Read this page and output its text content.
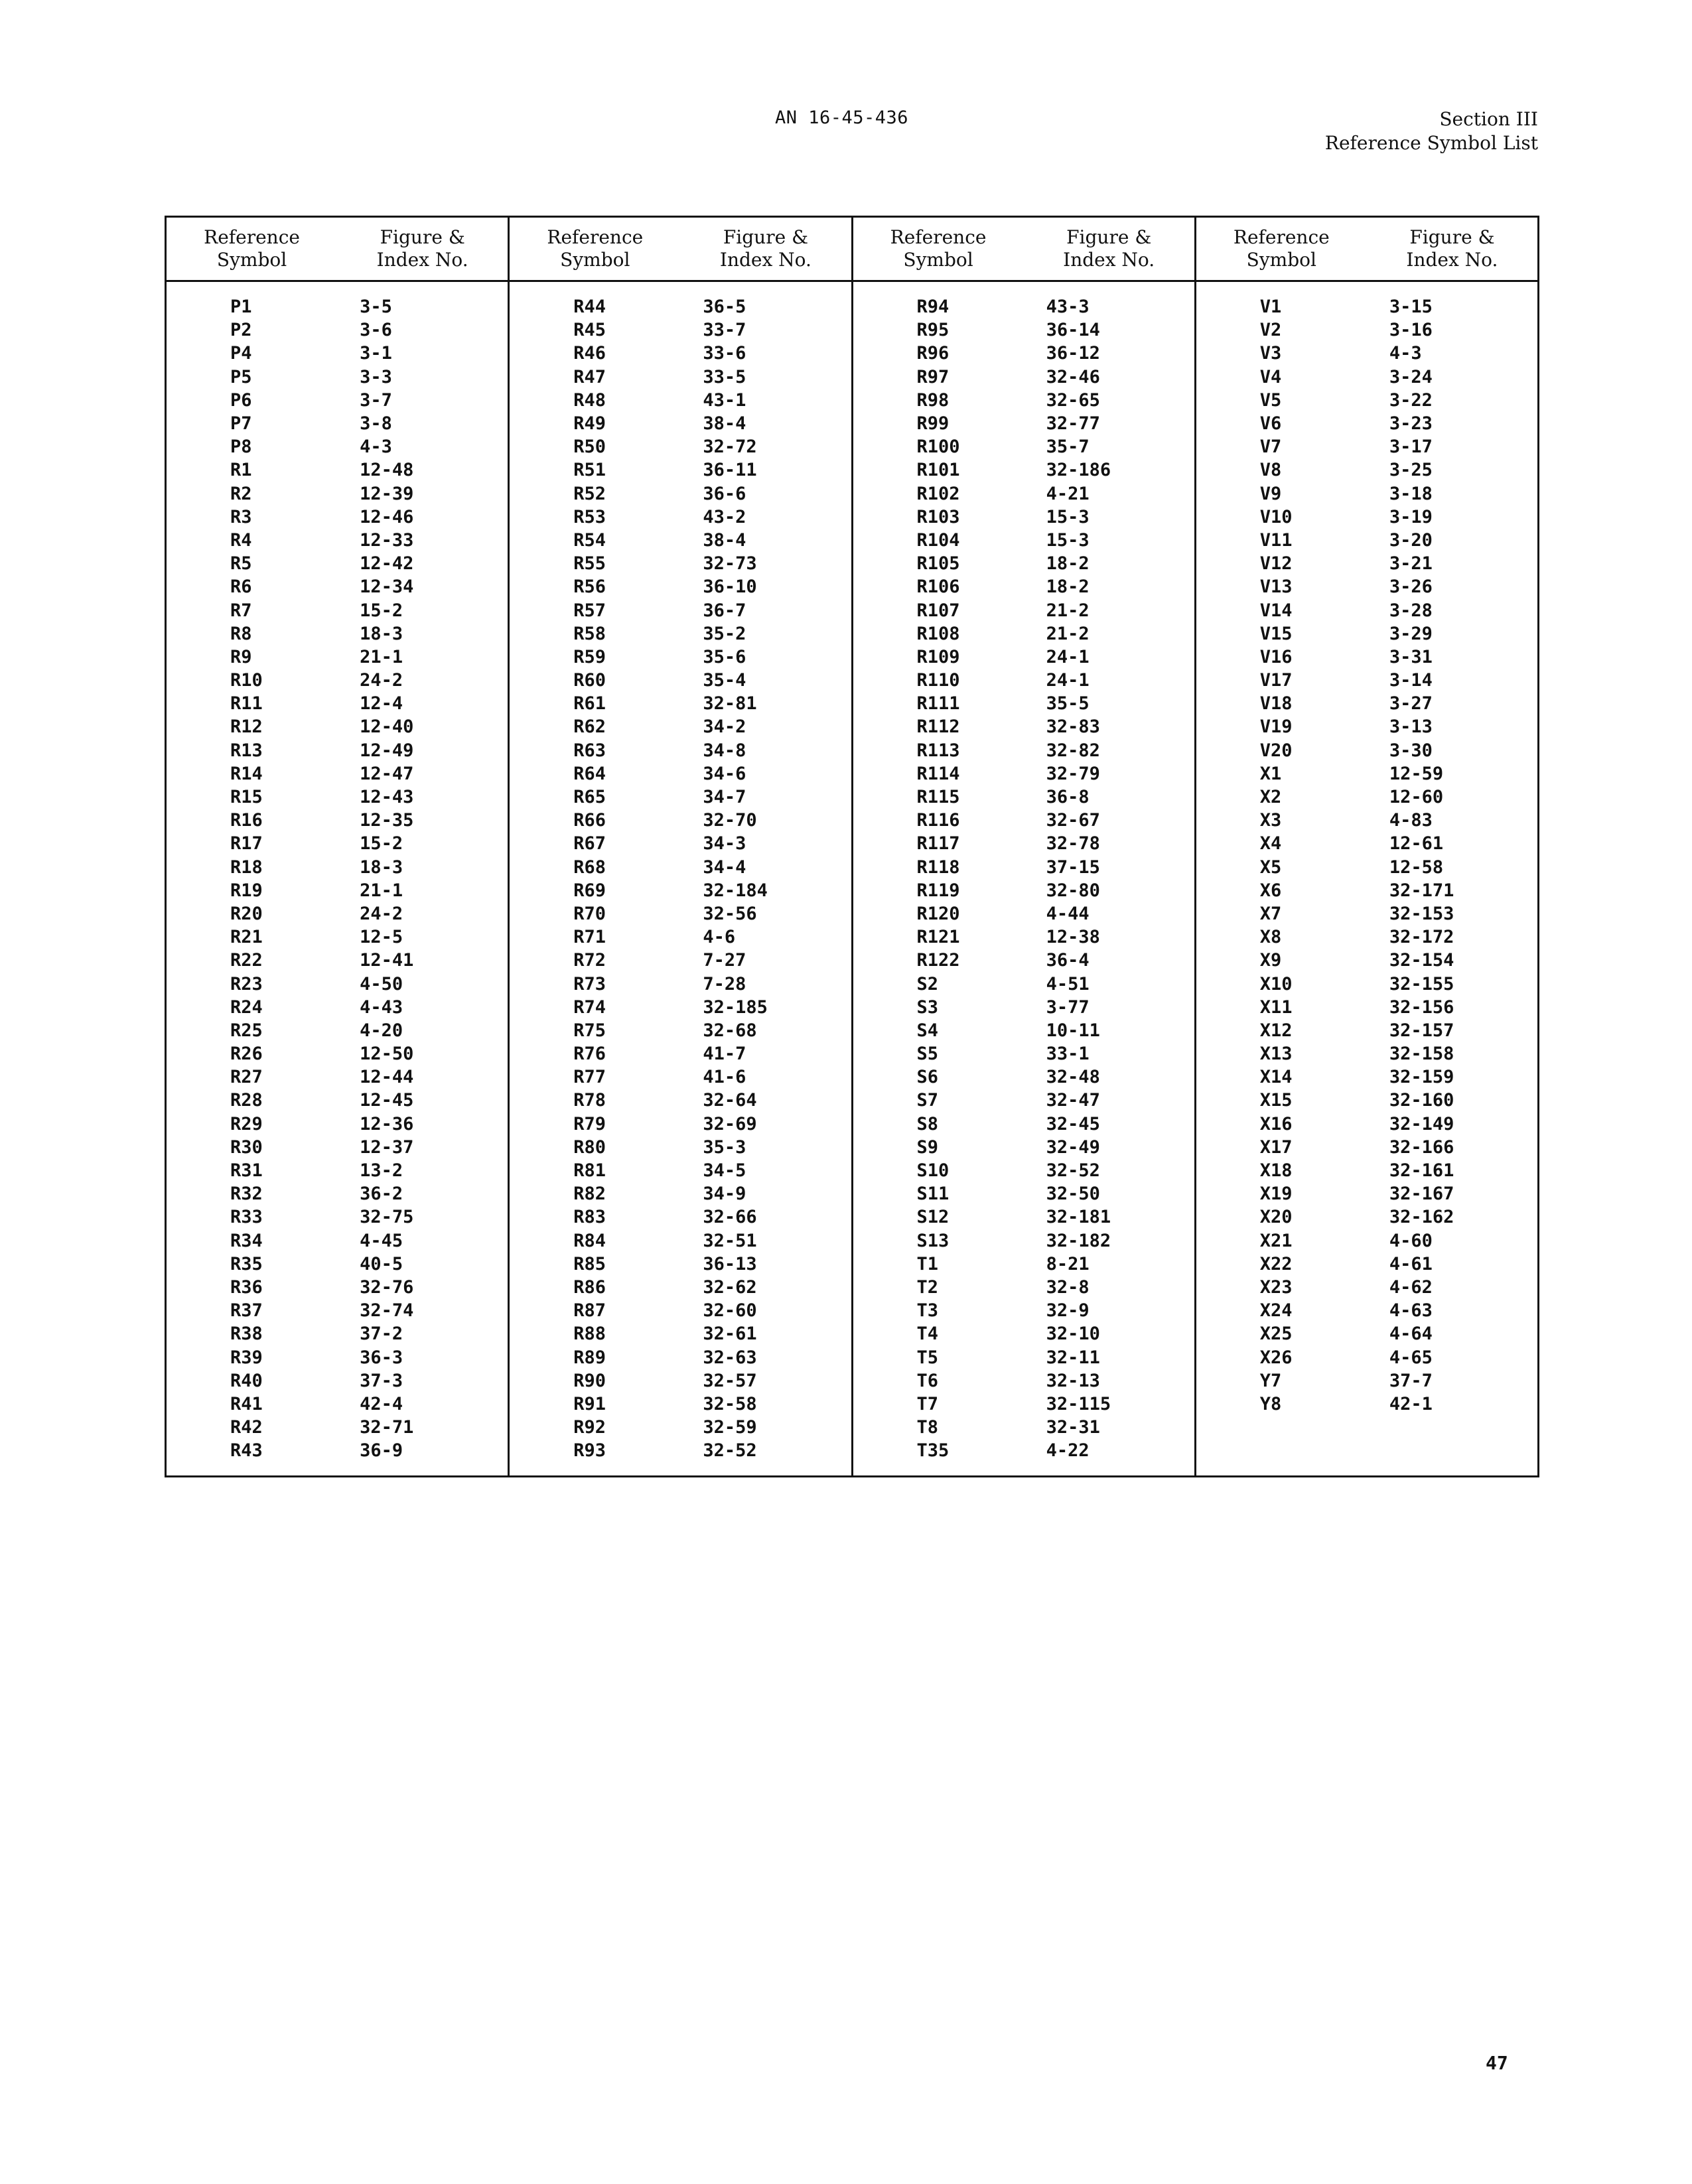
AN 16-45-436	Section III
Reference Symbol List
Reference
Symbol
Figure &
Index No.
P1	3-5
P2	3-6
P4	3-1
P5	3-3
P6	3-7
P7	3-8
P8	4-3
R1	12-48
R2	12-39
R3	12-46
R4	12-33
R5	12-42
R6	12-34
R7	15-2
R8	18-3
R9	21-1
R10	24-2
R11	12-4
R12	12-40
R13	12-49
R14	12-47
R15	12-43
R16	12-35
R17	15-2
R18	18-3
R19	21-1
R20	24-2
R21	12-5
R22	12-41
R23	4-50
R24	4-43
R25	4-20
R26	12-50
R27	12-44
R28	12-45
R29	12-36
R30	12-37
R31	13-2
R32	36-2
R33	32-75
R34	4-45
R35	40-5
R36	32-76
R37	32-74
R38	37-2
R39	36-3
R40	37-3
R41	42-4
R42	32-71
R43	36-9
Reference
Symbol
Figure &
Index No.
R44	36-5
R45	33-7
R46	33-6
R47	33-5
R48	43-1
R49	38-4
R50	32-72
R51	36-11
R52	36-6
R53	43-2
R54	38-4
R55	32-73
R56	36-10
R57	36-7
R58	35-2
R59	35-6
R60	35-4
R61	32-81
R62	34-2
R63	34-8
R64	34-6
R65	34-7
R66	32-70
R67	34-3
R68	34-4
R69	32-184
R70	32-56
R71	4-6
R72	7-27
R73	7-28
R74	32-185
R75	32-68
R76	41-7
R77	41-6
R78	32-64
R79	32-69
R80	35-3
R81	34-5
R82	34-9
R83	32-66
R84	32-51
R85	36-13
R86	32-62
R87	32-60
R88	32-61
R89	32-63
R90	32-57
R91	32-58
R92	32-59
R93	32-52
Reference
Symbol
Figure &
Index No.
R94	43-3
R95	36-14
R96	36-12
R97	32-46
R98	32-65
R99	32-77
R100	35-7
R101	32-186
R102	4-21
R103	15-3
R104	15-3
R105	18-2
R106	18-2
R107	21-2
R108	21-2
R109	24-1
R110	24-1
R111	35-5
R112	32-83
R113	32-82
R114	32-79
R115	36-8
R116	32-67
R117	32-78
R118	37-15
R119	32-80
R120	4-44
R121	12-38
R122	36-4
S2	4-51
S3	3-77
S4	10-11
S5	33-1
S6	32-48
S7	32-47
S8	32-45
S9	32-49
S10	32-52
S11	32-50
S12	32-181
S13	32-182
T1	8-21
T2	32-8
T3	32-9
T4	32-10
T5	32-11
T6	32-13
T7	32-115
T8	32-31
T35	4-22
Reference
Symbol
Figure &
Index No.
V1	3-15
V2	3-16
V3	4-3
V4	3-24
V5	3-22
V6	3-23
V7	3-17
V8	3-25
V9	3-18
V10	3-19
V11	3-20
V12	3-21
V13	3-26
V14	3-28
V15	3-29
V16	3-31
V17	3-14
V18	3-27
V19	3-13
V20	3-30
X1	12-59
X2	12-60
X3	4-83
X4	12-61
X5	12-58
X6	32-171
X7	32-153
X8	32-172
X9	32-154
X10	32-155
X11	32-156
X12	32-157
X13	32-158
X14	32-159
X15	32-160
X16	32-149
X17	32-166
X18	32-161
X19	32-167
X20	32-162
X21	4-60
X22	4-61
X23	4-62
X24	4-63
X25	4-64
X26	4-65
Y7	37-7
Y8	42-1
47
